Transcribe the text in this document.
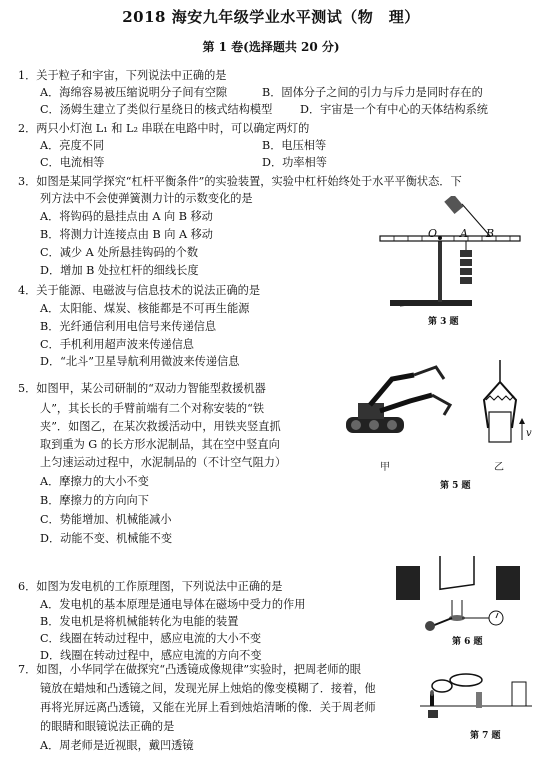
2018 海安九年级学业水平测试（物　理）
第 1 卷(选择题共 20 分)
1．关于粒子和宇宙，下列说法中正确的是
A．海绵容易被压缩说明分子间有空隙	B．固体分子之间的引力与斥力是同时存在的
C．汤姆生建立了类似行星绕日的核式结构模型 D．宇宙是一个有中心的天体结构系统
2．两只小灯泡 L₁ 和 L₂ 串联在电路中时，可以确定两灯的
A．亮度不同	B．电压相等
C．电流相等	D．功率相等
3．如图是某同学探究“杠杆平衡条件”的实验装置，实验中杠杆始终处于水平平衡状态．下
列方法中不会使弹簧测力计的示数变化的是
A．将钩码的悬挂点由 A 向 B 移动
B．将测力计连接点由 B 向 A 移动
C．减少 A 处所悬挂钩码的个数
D．增加 B 处拉杠杆的细线长度
O A B
第 3 题
4．关于能源、电磁波与信息技术的说法正确的是
A．太阳能、煤炭、核能都是不可再生能源
B．光纤通信利用电信号来传递信息
C．手机利用超声波来传递信息
D．“北斗”卫星导航利用微波来传递信息
5．如图甲，某公司研制的“双动力智能型救援机器
人”，其长长的手臂前端有二个对称安装的“铁
夹”．如图乙，在某次救援活动中，用铁夹竖直抓
取到重为 G 的长方形水泥制品，其在空中竖直向
上匀速运动过程中，水泥制品的（不计空气阻力）
A．摩擦力的大小不变
B．摩擦力的方向向下
C．势能增加、机械能减小
D．动能不变、机械能不变
甲
v
乙
第 5 题
6．如图为发电机的工作原理图，下列说法中正确的是
A．发电机的基本原理是通电导体在磁场中受力的作用
B．发电机是将机械能转化为电能的装置
C．线圈在转动过程中，感应电流的大小不变
D．线圈在转动过程中，感应电流的方向不变
第 6 题
7．如图，小华同学在做探究“凸透镜成像规律”实验时，把周老师的眼
镜放在蜡烛和凸透镜之间，发现光屏上烛焰的像变模糊了．接着，他
再将光屏远离凸透镜，又能在光屏上看到烛焰清晰的像．关于周老师
的眼睛和眼镜说法正确的是
A．周老师是近视眼，戴凹透镜
第 7 题
